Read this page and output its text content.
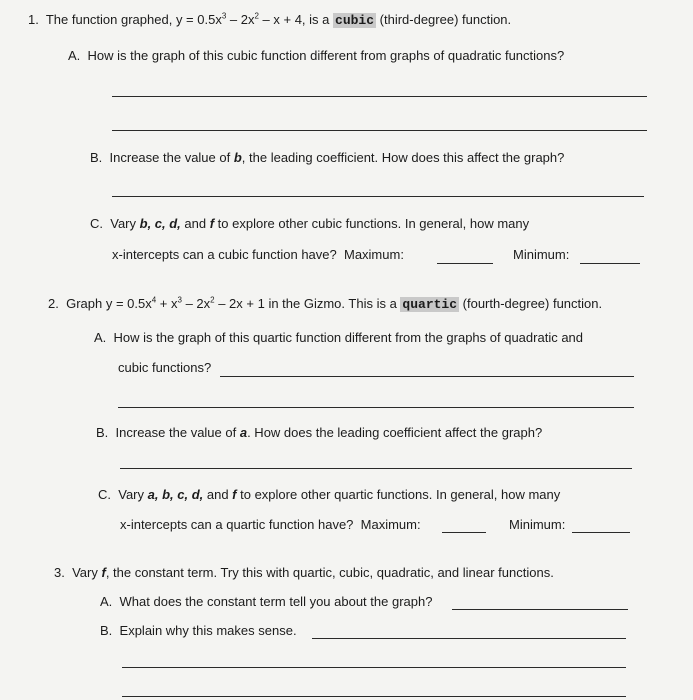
1. The function graphed, $y = 0.5x^3 - 2x^2 - x + 4$, is a cubic (third-degree) function.
A. How is the graph of this cubic function different from graphs of quadratic functions?
B. Increase the value of b, the leading coefficient. How does this affect the graph?
C. Vary b, c, d, and f to explore other cubic functions. In general, how many
x-intercepts can a cubic function have? Maximum:	Minimum:
2. Graph $y = 0.5x^4 + x^3 - 2x^2 - 2x + 1$ in the Gizmo. This is a quartic (fourth-degree) function.
A. How is the graph of this quartic function different from the graphs of quadratic and
cubic functions?
B. Increase the value of a. How does the leading coefficient affect the graph?
C. Vary a, b, c, d, and f to explore other quartic functions. In general, how many
x-intercepts can a quartic function have? Maximum:	Minimum:
3. Vary f, the constant term. Try this with quartic, cubic, quadratic, and linear functions.
A. What does the constant term tell you about the graph?
B. Explain why this makes sense.
